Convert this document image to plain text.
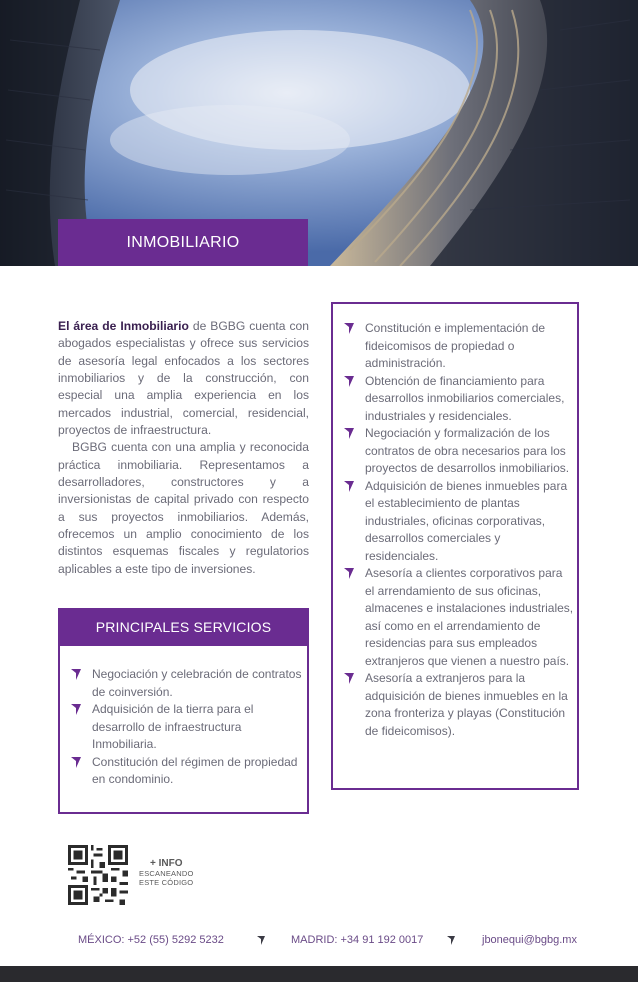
INMOBILIARIO

El área de Inmobiliario de BGBG cuenta con abogados especialistas y ofrece sus servicios de asesoría legal enfocados a los sectores inmobiliarios y de la construcción, con especial una amplia experiencia en los mercados industrial, comercial, residencial, proyectos de infraestructura.

BGBG cuenta con una amplia y reconocida práctica inmobiliaria. Representamos a desarrolladores, constructores y a inversionistas de capital privado con respecto a sus proyectos inmobiliarios. Además, ofrecemos un amplio conocimiento de los distintos esquemas fiscales y regulatorios aplicables a este tipo de inversiones.

Constitución e implementación de fideicomisos de propiedad o administración.
Obtención de financiamiento para desarrollos inmobiliarios comerciales, industriales y residenciales.
Negociación y formalización de los contratos de obra necesarios para los proyectos de desarrollos inmobiliarios.
Adquisición de bienes inmuebles para el establecimiento de plantas industriales, oficinas corporativas, desarrollos comerciales y residenciales.
Asesoría a clientes corporativos para el arrendamiento de sus oficinas, almacenes e instalaciones industriales, así como en el arrendamiento de residencias para sus empleados extranjeros que vienen a nuestro país.
Asesoría a extranjeros para la adquisición de bienes inmuebles en la zona fronteriza y playas (Constitución de fideicomisos).
PRINCIPALES SERVICIOS
Negociación y celebración de contratos de coinversión.
Adquisición de la tierra para el desarrollo de infraestructura Inmobiliaria.
Constitución del régimen de propiedad en condominio.
+ INFO
ESCANEANDO
ESTE CÓDIGO
MÉXICO: +52 (55) 5292 5232	MADRID: +34 91 192 0017	jbonequi@bgbg.mx
